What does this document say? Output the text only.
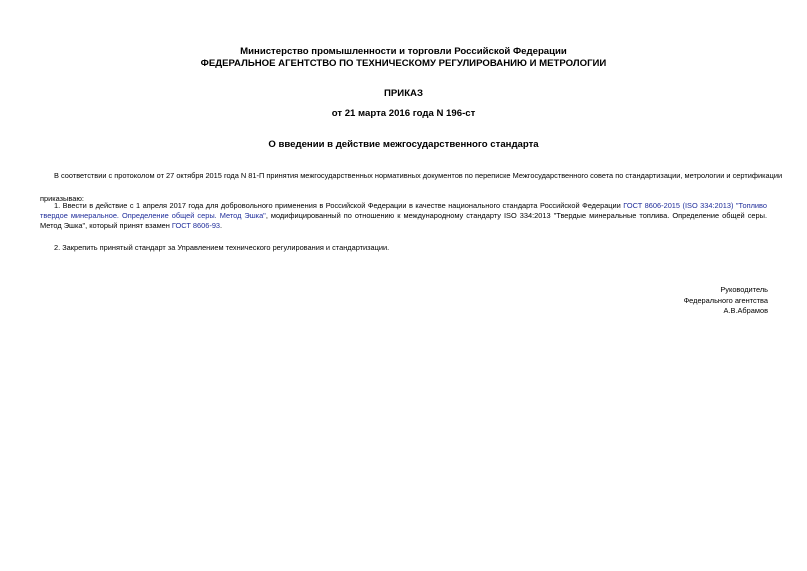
Министерство промышленности и торговли Российской Федерации
ФЕДЕРАЛЬНОЕ АГЕНТСТВО ПО ТЕХНИЧЕСКОМУ РЕГУЛИРОВАНИЮ И МЕТРОЛОГИИ
ПРИКАЗ
от 21 марта 2016 года N 196-ст
О введении в действие межгосударственного стандарта
В соответствии с протоколом от 27 октября 2015 года N 81-П принятия межгосударственных нормативных документов по переписке Межгосударственного совета по стандартизации, метрологии и сертификации
приказываю:
1. Ввести в действие с 1 апреля 2017 года для добровольного применения в Российской Федерации в качестве национального стандарта Российской Федерации ГОСТ 8606-2015 (ISO 334:2013) "Топливо твердое минеральное. Определение общей серы. Метод Эшка", модифицированный по отношению к международному стандарту ISO 334:2013 "Твердые минеральные топлива. Определение общей серы. Метод Эшка", который принят взамен ГОСТ 8606-93.
2. Закрепить принятый стандарт за Управлением технического регулирования и стандартизации.
Руководитель
Федерального агентства
А.В.Абрамов
